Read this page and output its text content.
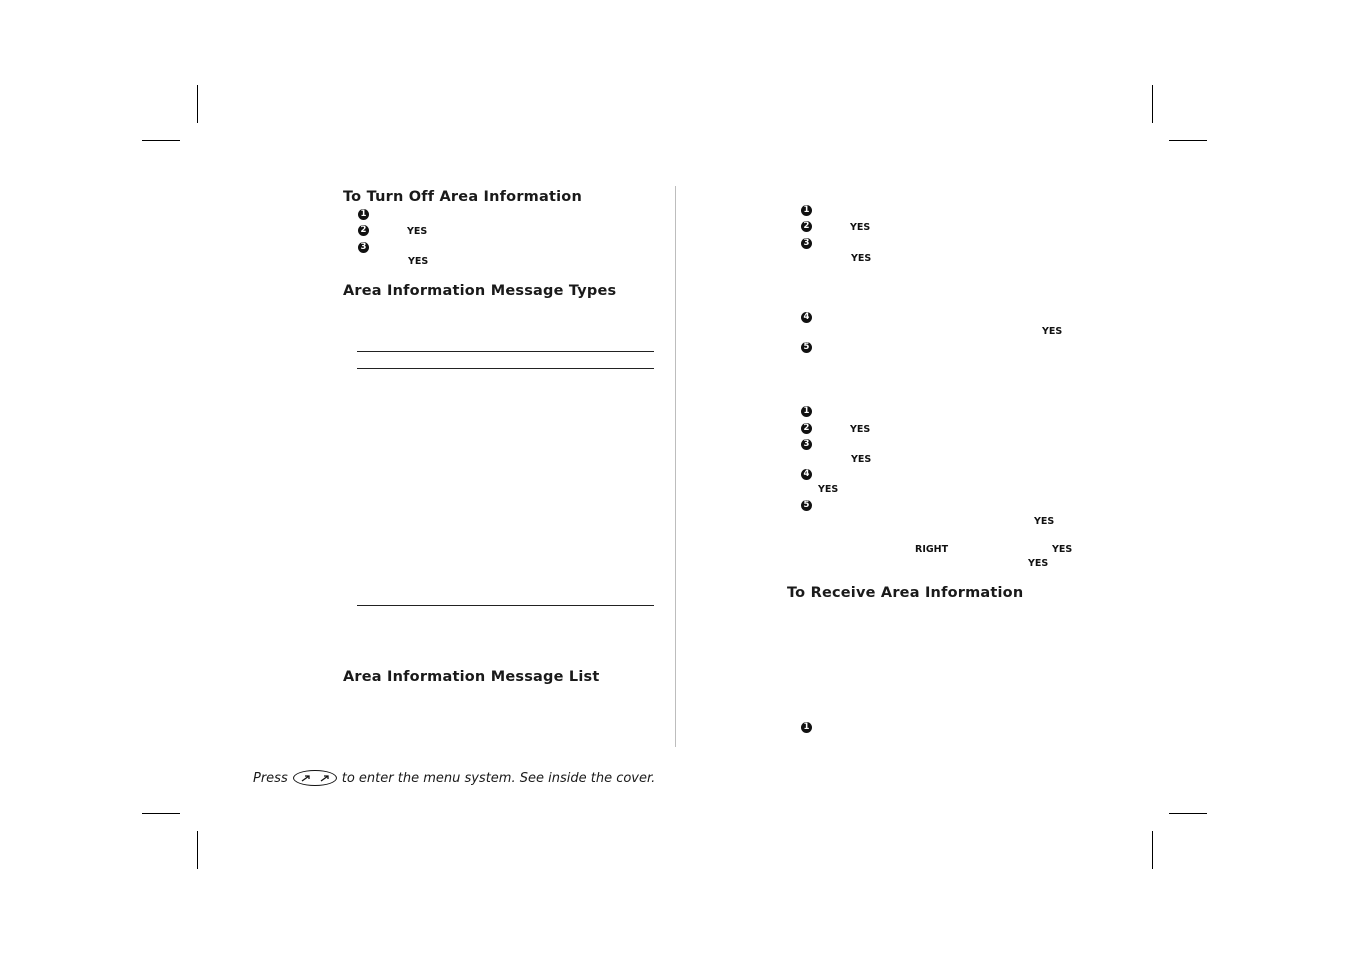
To Turn Off Area Information
1
2	YES
3
YES
Area Information Message Types
Area Information Message List
1
2	YES
3
YES
4
YES
5
1
2	YES
3
YES
4
YES
5
YES
RIGHT	YES
YES
To Receive Area Information
1
Press	to enter the menu system. See inside the cover.
